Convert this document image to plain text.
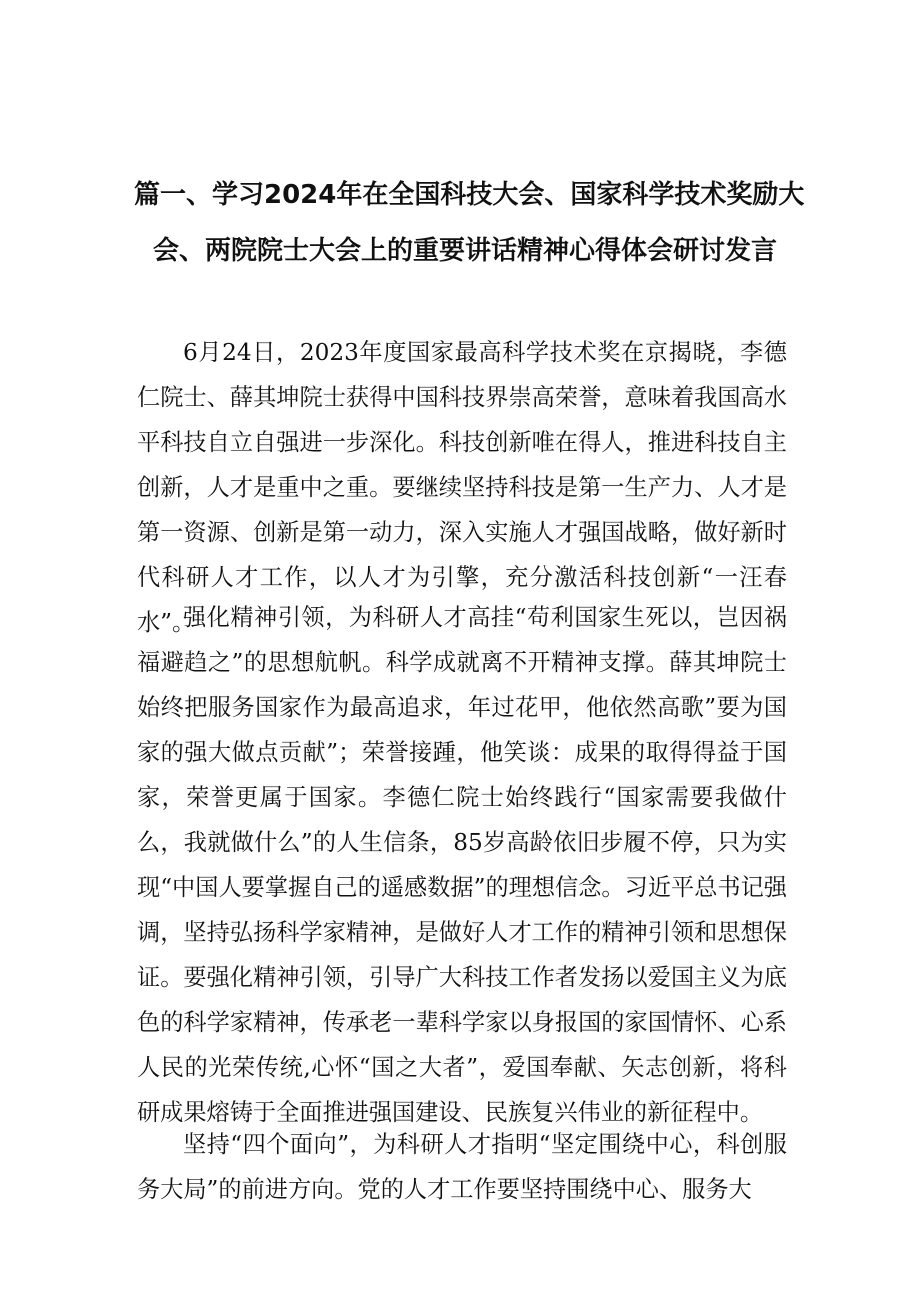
篇一、学习2024年在全国科技大会、国家科学技术奖励大
会、两院院士大会上的重要讲话精神心得体会研讨发言

6月24日，2023年度国家最高科学技术奖在京揭晓，李德仁院士、薛其坤院士获得中国科技界崇高荣誉，意味着我国高水平科技自立自强进一步深化。科技创新唯在得人，推进科技自主创新，人才是重中之重。要继续坚持科技是第一生产力、人才是第一资源、创新是第一动力，深入实施人才强国战略，做好新时代科研人才工作，以人才为引擎，充分激活科技创新“一汪春水”。

强化精神引领，为科研人才高挂“苟利国家生死以，岂因祸福避趋之”的思想航帆。科学成就离不开精神支撑。薛其坤院士始终把服务国家作为最高追求，年过花甲，他依然高歌”要为国家的强大做点贡献”；荣誉接踵，他笑谈：成果的取得得益于国家，荣誉更属于国家。李德仁院士始终践行“国家需要我做什么，我就做什么”的人生信条，85岁高龄依旧步履不停，只为实现“中国人要掌握自己的遥感数据”的理想信念。习近平总书记强调，坚持弘扬科学家精神，是做好人才工作的精神引领和思想保证。要强化精神引领，引导广大科技工作者发扬以爱国主义为底色的科学家精神，传承老一辈科学家以身报国的家国情怀、心系人民的光荣传统,心怀“国之大者”，爱国奉献、矢志创新，将科研成果熔铸于全面推进强国建设、民族复兴伟业的新征程中。

坚持“四个面向”，为科研人才指明“坚定围绕中心，科创服务大局”的前进方向。党的人才工作要坚持围绕中心、服务大
